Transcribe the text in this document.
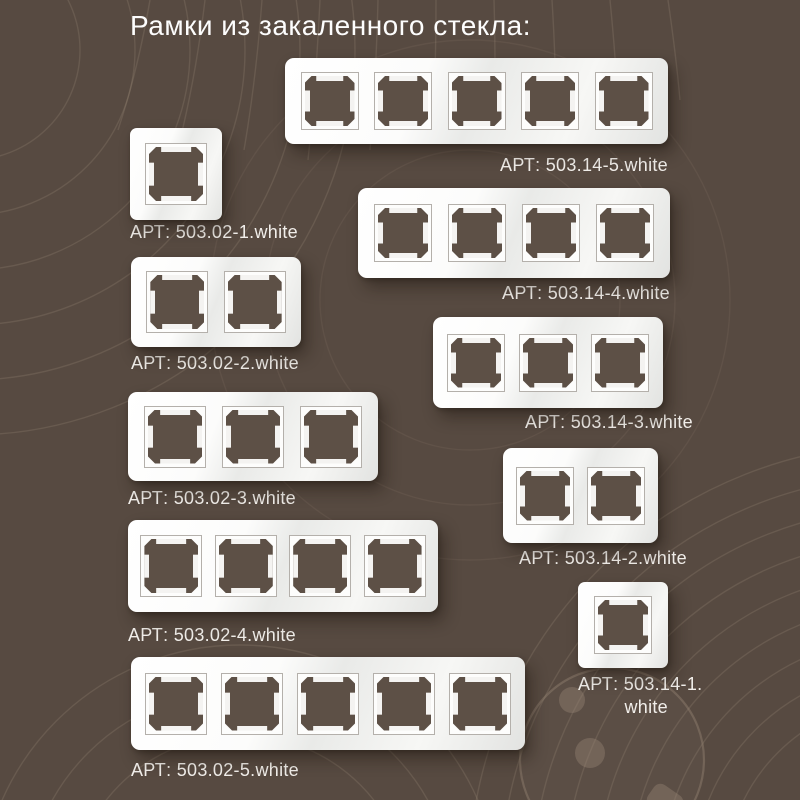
Рамки из закаленного стекла:

АРТ: 503.02-1.white

АРТ: 503.14-5.white

АРТ: 503.02-2.white

АРТ: 503.14-4.white

АРТ: 503.02-3.white

АРТ: 503.14-3.white

АРТ: 503.02-4.white

АРТ: 503.14-2.white

АРТ: 503.02-5.white

АРТ: 503.14-1.
white
